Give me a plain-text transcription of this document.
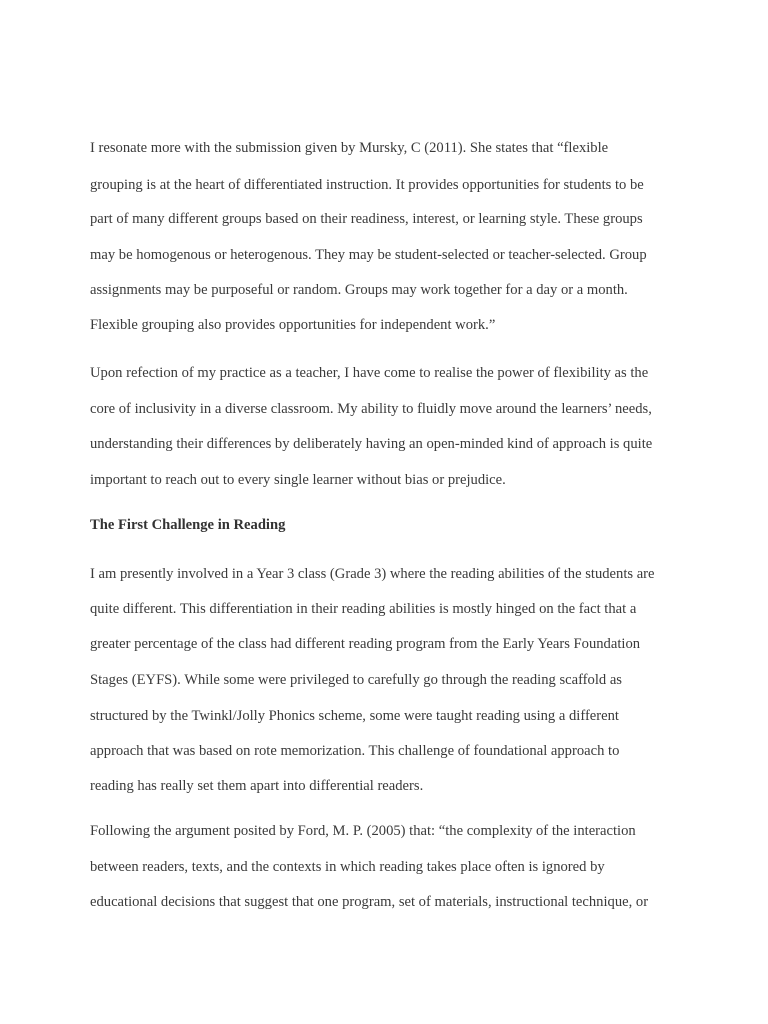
I resonate more with the submission given by Mursky, C (2011). She states that “flexible
grouping is at the heart of differentiated instruction. It provides opportunities for students to be
part of many different groups based on their readiness, interest, or learning style. These groups
may be homogenous or heterogenous. They may be student-selected or teacher-selected. Group
assignments may be purposeful or random. Groups may work together for a day or a month.
Flexible grouping also provides opportunities for independent work.”
Upon refection of my practice as a teacher, I have come to realise the power of flexibility as the
core of inclusivity in a diverse classroom. My ability to fluidly move around the learners’ needs,
understanding their differences by deliberately having an open-minded kind of approach is quite
important to reach out to every single learner without bias or prejudice.
The First Challenge in Reading
I am presently involved in a Year 3 class (Grade 3) where the reading abilities of the students are
quite different. This differentiation in their reading abilities is mostly hinged on the fact that a
greater percentage of the class had different reading program from the Early Years Foundation
Stages (EYFS). While some were privileged to carefully go through the reading scaffold as
structured by the Twinkl/Jolly Phonics scheme, some were taught reading using a different
approach that was based on rote memorization. This challenge of foundational approach to
reading has really set them apart into differential readers.
Following the argument posited by Ford, M. P. (2005) that: “the complexity of the interaction
between readers, texts, and the contexts in which reading takes place often is ignored by
educational decisions that suggest that one program, set of materials, instructional technique, or
